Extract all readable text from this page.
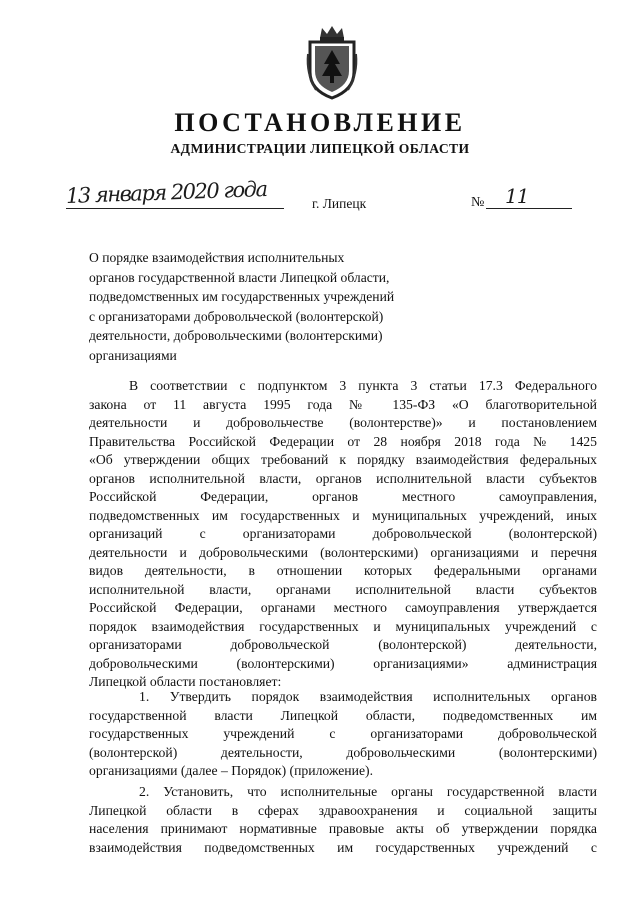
ПОСТАНОВЛЕНИЕ
АДМИНИСТРАЦИИ ЛИПЕЦКОЙ ОБЛАСТИ
13 января 2020 года	г. Липецк	№ 11
О порядке взаимодействия исполнительных
органов государственной власти Липецкой области,
подведомственных им государственных учреждений
с организаторами добровольческой (волонтерской)
деятельности, добровольческими (волонтерскими)
организациями
В соответствии с подпунктом 3 пункта 3 статьи 17.3 Федерального
закона от 11 августа 1995 года № 135-ФЗ «О благотворительной
деятельности и добровольчестве (волонтерстве)» и постановлением
Правительства Российской Федерации от 28 ноября 2018 года № 1425
«Об утверждении общих требований к порядку взаимодействия федеральных
органов исполнительной власти, органов исполнительной власти субъектов
Российской Федерации, органов местного самоуправления,
подведомственных им государственных и муниципальных учреждений, иных
организаций с организаторами добровольческой (волонтерской)
деятельности и добровольческими (волонтерскими) организациями и перечня
видов деятельности, в отношении которых федеральными органами
исполнительной власти, органами исполнительной власти субъектов
Российской Федерации, органами местного самоуправления утверждается
порядок взаимодействия государственных и муниципальных учреждений с
организаторами добровольческой (волонтерской) деятельности,
добровольческими (волонтерскими) организациями» администрация
Липецкой области постановляет:
1. Утвердить порядок взаимодействия исполнительных органов
государственной власти Липецкой области, подведомственных им
государственных учреждений с организаторами добровольческой
(волонтерской) деятельности, добровольческими (волонтерскими)
организациями (далее – Порядок) (приложение).
2. Установить, что исполнительные органы государственной власти
Липецкой области в сферах здравоохранения и социальной защиты
населения принимают нормативные правовые акты об утверждении порядка
взаимодействия подведомственных им государственных учреждений с
